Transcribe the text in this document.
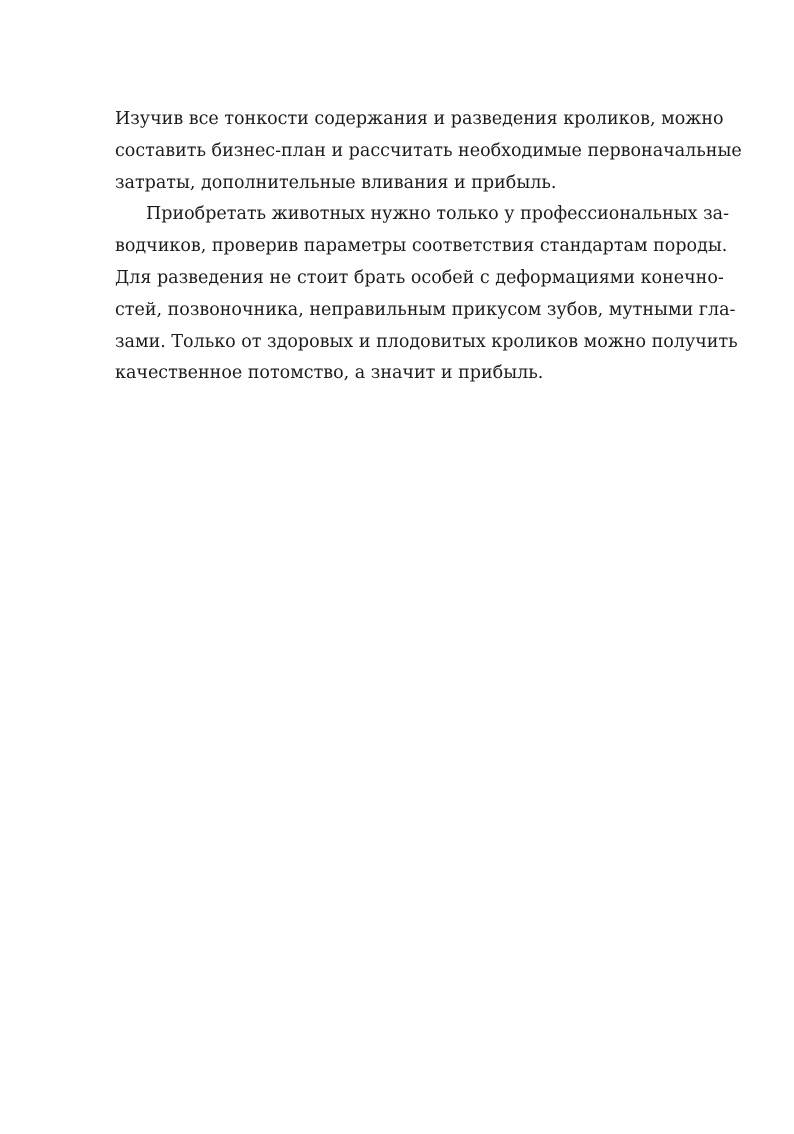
Изучив все тонкости содержания и разведения кроликов, можно
составить бизнес-план и рассчитать необходимые первоначальные
затраты, дополнительные вливания и прибыль.

Приобретать животных нужно только у профессиональных за-
водчиков, проверив параметры соответствия стандартам породы.
Для разведения не стоит брать особей с деформациями конечно-
стей, позвоночника, неправильным прикусом зубов, мутными гла-
зами. Только от здоровых и плодовитых кроликов можно получить
качественное потомство, а значит и прибыль.
